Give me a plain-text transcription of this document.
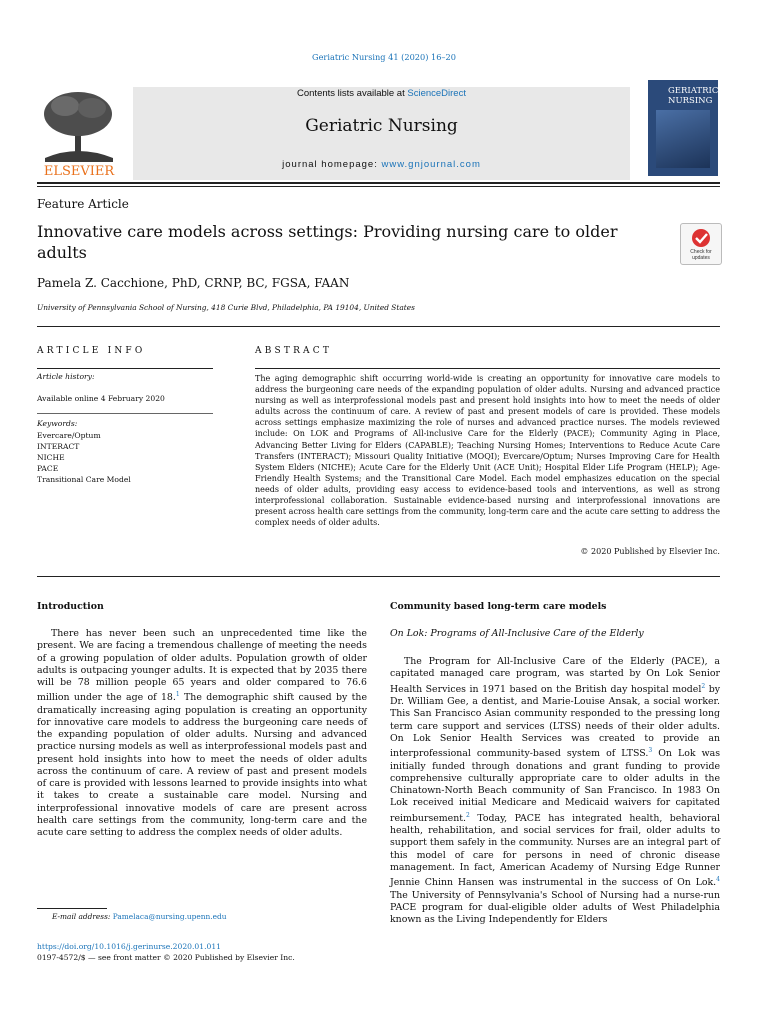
Geriatric Nursing 41 (2020) 16–20
ELSEVIER
Contents lists available at ScienceDirect
Geriatric Nursing
journal homepage: www.gnjournal.com
GERIATRIC
NURSING
Feature Article
Innovative care models across settings: Providing nursing care to older adults	Check for updates
Pamela Z. Cacchione, PhD, CRNP, BC, FGSA, FAAN
University of Pennsylvania School of Nursing, 418 Curie Blvd, Philadelphia, PA 19104, United States
ARTICLE INFO
Article history:
Available online 4 February 2020
Keywords:
Evercare/Optum
INTERACT
NICHE
PACE
Transitional Care Model
ABSTRACT
The aging demographic shift occurring world-wide is creating an opportunity for innovative care models to address the burgeoning care needs of the expanding population of older adults. Nursing and advanced practice nursing as well as interprofessional models past and present hold insights into how to meet the needs of older adults across the continuum of care. A review of past and present models of care is provided. These models across settings emphasize maximizing the role of nurses and advanced practice nurses. The models reviewed include: On LOK and Programs of All-inclusive Care for the Elderly (PACE); Community Aging in Place, Advancing Better Living for Elders (CAPABLE); Teaching Nursing Homes; Interventions to Reduce Acute Care Transfers (INTERACT); Missouri Quality Initiative (MOQI); Evercare/Optum; Nurses Improving Care for Health System Elders (NICHE); Acute Care for the Elderly Unit (ACE Unit); Hospital Elder Life Program (HELP); Age-Friendly Health Systems; and the Transitional Care Model. Each model emphasizes education on the special needs of older adults, providing easy access to evidence-based tools and interventions, as well as strong interprofessional collaboration. Sustainable evidence-based nursing and interprofessional innovations are present across health care settings from the community, long-term care and the acute care setting to address the complex needs of older adults.
© 2020 Published by Elsevier Inc.
Introduction
There has never been such an unprecedented time like the present. We are facing a tremendous challenge of meeting the needs of a growing population of older adults. Population growth of older adults is outpacing younger adults. It is expected that by 2035 there will be 78 million people 65 years and older compared to 76.6 million under the age of 18.$^1$ The demographic shift caused by the dramatically increasing aging population is creating an opportunity for innovative care models to address the burgeoning care needs of the expanding population of older adults. Nursing and advanced practice nursing models as well as interprofessional models past and present hold insights into how to meet the needs of older adults across the continuum of care. A review of past and present models of care is provided with lessons learned to provide insights into what it takes to create a sustainable care model. Nursing and interprofessional innovative models of care are present across health care settings from the community, long-term care and the acute care setting to address the complex needs of older adults.
Community based long-term care models
On Lok: Programs of All-Inclusive Care of the Elderly
The Program for All-Inclusive Care of the Elderly (PACE), a capitated managed care program, was started by On Lok Senior Health Services in 1971 based on the British day hospital model$^2$ by Dr. William Gee, a dentist, and Marie-Louise Ansak, a social worker. This San Francisco Asian community responded to the pressing long term care support and services (LTSS) needs of their older adults. On Lok Senior Health Services was created to provide an interprofessional community-based system of LTSS.$^3$ On Lok was initially funded through donations and grant funding to provide comprehensive culturally appropriate care to older adults in the Chinatown-North Beach community of San Francisco. In 1983 On Lok received initial Medicare and Medicaid waivers for capitated reimbursement.$^2$ Today, PACE has integrated health, behavioral health, rehabilitation, and social services for frail, older adults to support them safely in the community. Nurses are an integral part of this model of care for persons in need of chronic disease management. In fact, American Academy of Nursing Edge Runner Jennie Chinn Hansen was instrumental in the success of On Lok.$^4$ The University of Pennsylvania's School of Nursing had a nurse-run PACE program for dual-eligible older adults of West Philadelphia known as the Living Independently for Elders
E-mail address: Pamelaca@nursing.upenn.edu
https://doi.org/10.1016/j.gerinurse.2020.01.011
0197-4572/$ — see front matter © 2020 Published by Elsevier Inc.
